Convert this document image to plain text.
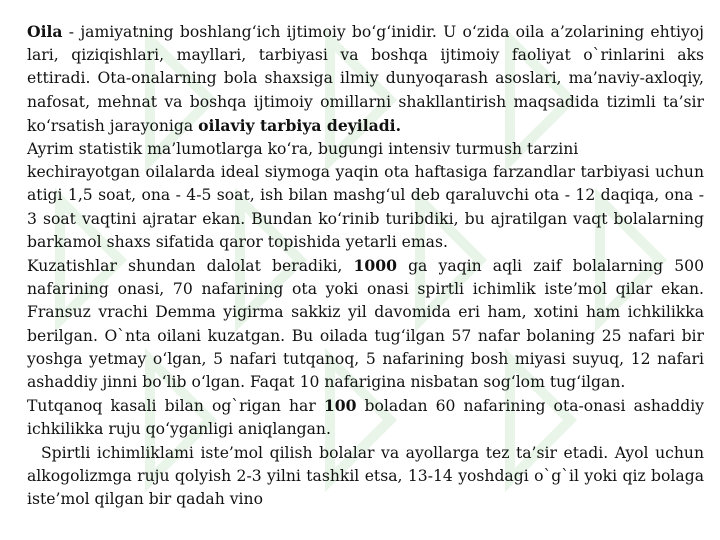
Oila - jamiyatning boshlang‘ich ijtimoiy bo‘g‘inidir. U o‘zida oila a’zolarining ehtiyoj lari, qiziqishlari, mayllari, tarbiyasi va boshqa ijtimoiy faoliyat o`rinlarini aks ettiradi. Ota-onalarning bola shaxsiga ilmiy dunyoqarash asoslari, ma’naviy-axloqiy, nafosat, mehnat va boshqa ijtimoiy omillarni shakllantirish maqsadida tizimli ta’sir ko‘rsatish jarayoniga oilaviy tarbiya deyiladi.

Ayrim statistik ma’lumotlarga ko‘ra, bugungi intensiv turmush tarzini

kechirayotgan oilalarda ideal siymoga yaqin ota haftasiga farzandlar tarbiyasi uchun atigi 1,5 soat, ona - 4-5 soat, ish bilan mashg‘ul deb qaraluvchi ota - 12 daqiqa, ona - 3 soat vaqtini ajratar ekan. Bundan ko‘rinib turibdiki, bu ajratilgan vaqt bolalarning barkamol shaxs sifatida qaror topishida yetarli emas.

Kuzatishlar shundan dalolat beradiki, 1000 ga yaqin aqli zaif bolalarning 500 nafarining onasi, 70 nafarining ota yoki onasi spirtli ichimlik iste’mol qilar ekan. Fransuz vrachi Demma yigirma sakkiz yil davomida eri ham, xotini ham ichkilikka berilgan. O`nta oilani kuzatgan. Bu oilada tug‘ilgan 57 nafar bolaning 25 nafari bir yoshga yetmay o‘lgan, 5 nafari tutqanoq, 5 nafarining bosh miyasi suyuq, 12 nafari ashaddiy jinni bo‘lib o‘lgan. Faqat 10 nafarigina nisbatan sog‘lom tug‘ilgan.

Tutqanoq kasali bilan og`rigan har 100 boladan 60 nafarining ota-onasi ashaddiy ichkilikka ruju qo‘yganligi aniqlangan.

Spirtli ichimliklami iste’mol qilish bolalar va ayollarga tez ta’sir etadi. Ayol uchun alkogolizmga ruju qolyish 2-3 yilni tashkil etsa, 13-14 yoshdagi o`g`il yoki qiz bolaga iste’mol qilgan bir qadah vino
